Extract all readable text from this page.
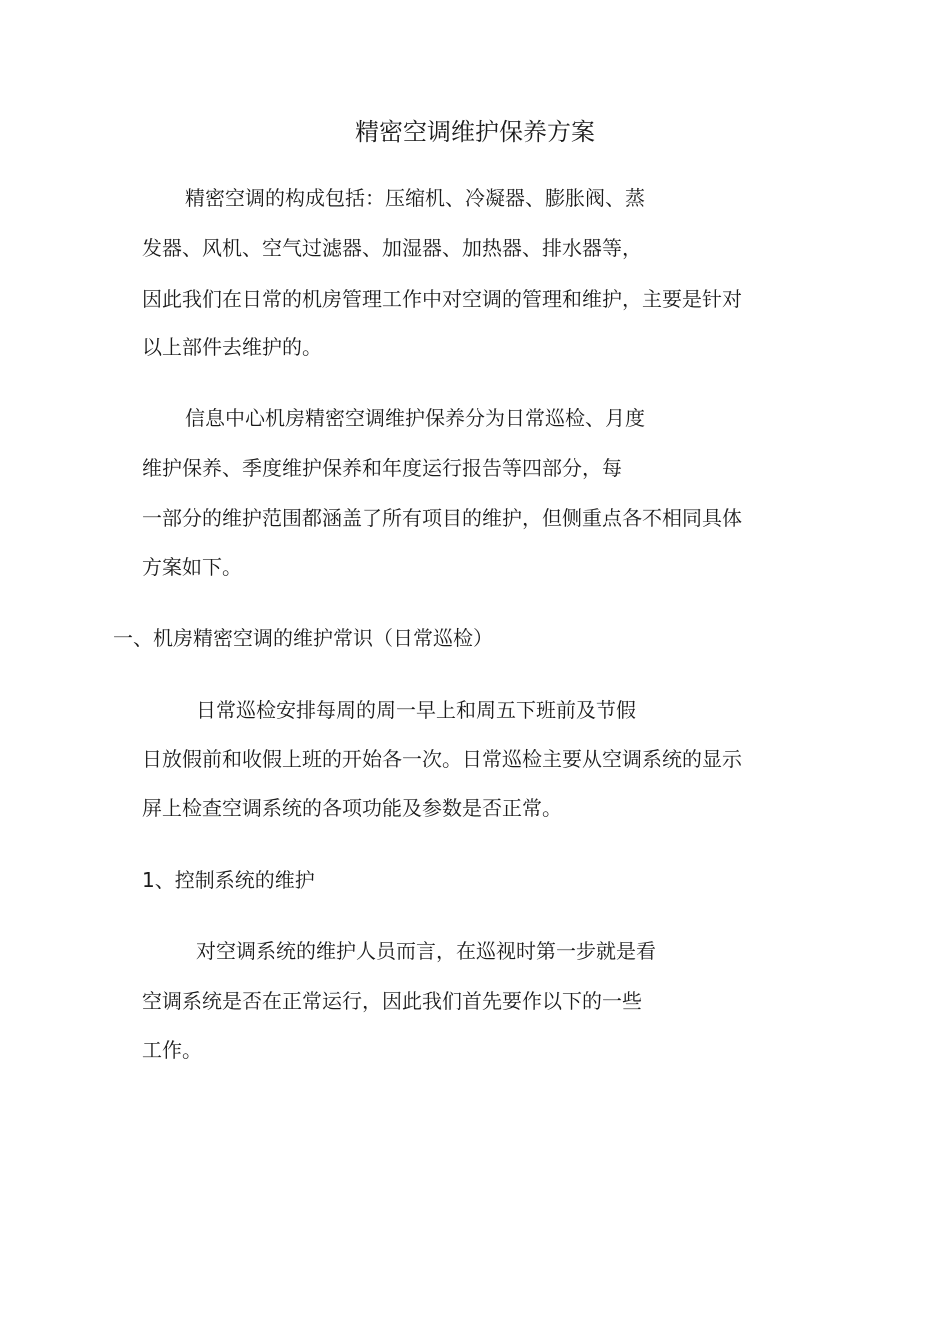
精密空调维护保养方案
精密空调的构成包括：压缩机、冷凝器、膨胀阀、蒸
发器、风机、空气过滤器、加湿器、加热器、排水器等，
因此我们在日常的机房管理工作中对空调的管理和维护，主要是针对
以上部件去维护的。
信息中心机房精密空调维护保养分为日常巡检、月度
维护保养、季度维护保养和年度运行报告等四部分，每
一部分的维护范围都涵盖了所有项目的维护，但侧重点各不相同具体
方案如下。
一、机房精密空调的维护常识（日常巡检）
日常巡检安排每周的周一早上和周五下班前及节假
日放假前和收假上班的开始各一次。日常巡检主要从空调系统的显示
屏上检查空调系统的各项功能及参数是否正常。
1、控制系统的维护
对空调系统的维护人员而言，在巡视时第一步就是看
空调系统是否在正常运行，因此我们首先要作以下的一些
工作。
